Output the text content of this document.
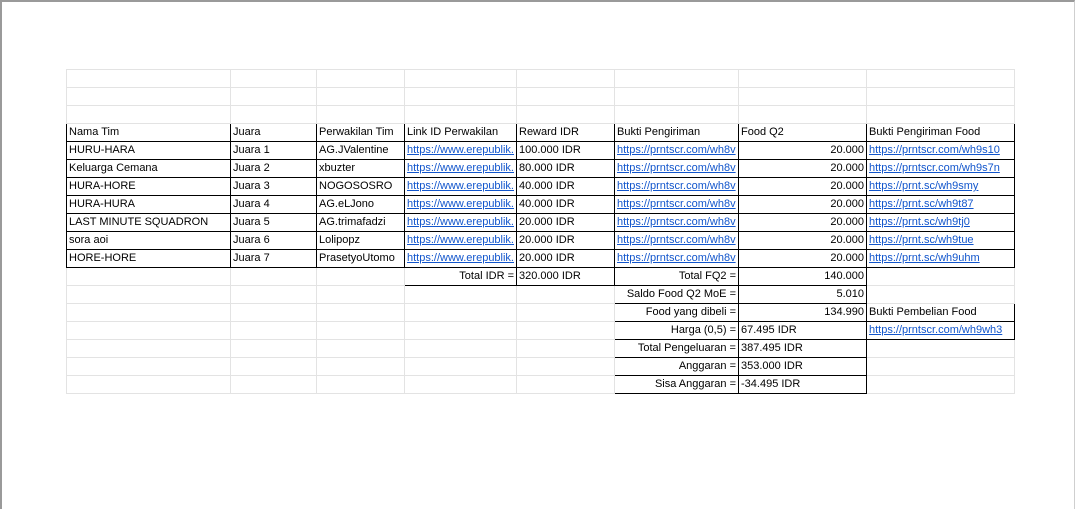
Nama Tim	Juara	Perwakilan Tim	Link ID Perwakilan	Reward IDR	Bukti Pengiriman	Food Q2	Bukti Pengiriman Food
HURU-HARA	Juara 1	AG.JValentine	https://www.erepublik.	100.000 IDR	https://prntscr.com/wh8v	20.000	https://prntscr.com/wh9s10
Keluarga Cemana	Juara 2	xbuzter	https://www.erepublik.	80.000 IDR	https://prntscr.com/wh8v	20.000	https://prntscr.com/wh9s7n
HURA-HORE	Juara 3	NOGOSOSRO	https://www.erepublik.	40.000 IDR	https://prntscr.com/wh8v	20.000	https://prnt.sc/wh9smy
HURA-HURA	Juara 4	AG.eLJono	https://www.erepublik.	40.000 IDR	https://prntscr.com/wh8v	20.000	https://prnt.sc/wh9t87
LAST MINUTE SQUADRON	Juara 5	AG.trimafadzi	https://www.erepublik.	20.000 IDR	https://prntscr.com/wh8v	20.000	https://prnt.sc/wh9tj0
sora aoi	Juara 6	Lolipopz	https://www.erepublik.	20.000 IDR	https://prntscr.com/wh8v	20.000	https://prnt.sc/wh9tue
HORE-HORE	Juara 7	PrasetyoUtomo	https://www.erepublik.	20.000 IDR	https://prntscr.com/wh8v	20.000	https://prnt.sc/wh9uhm
			Total IDR =	320.000 IDR	Total FQ2 =	140.000	
					Saldo Food Q2 MoE =	5.010	
					Food yang dibeli =	134.990	Bukti Pembelian Food
					Harga (0,5) =	67.495 IDR	https://prntscr.com/wh9wh3
					Total Pengeluaran =	387.495 IDR	
					Anggaran =	353.000 IDR	
					Sisa Anggaran =	-34.495 IDR	
